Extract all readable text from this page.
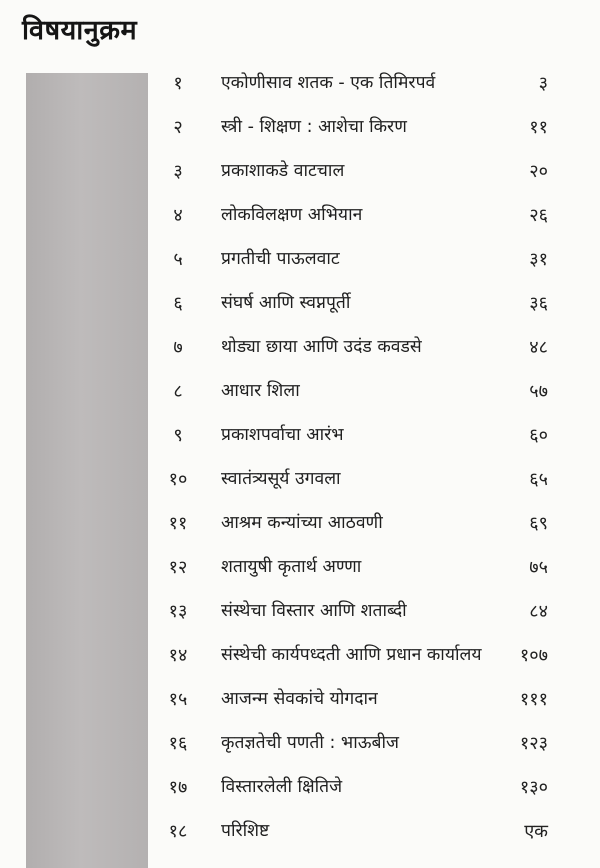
विषयानुक्रम
१	एकोणीसाव शतक - एक तिमिरपर्व	३
२	स्त्री - शिक्षण : आशेचा किरण	११
३	प्रकाशाकडे वाटचाल	२०
४	लोकविलक्षण अभियान	२६
५	प्रगतीची पाऊलवाट	३१
६	संघर्ष आणि स्वप्नपूर्ती	३६
७	थोड्या छाया आणि उदंड कवडसे	४८
८	आधार शिला	५७
९	प्रकाशपर्वाचा आरंभ	६०
१०	स्वातंत्र्यसूर्य उगवला	६५
११	आश्रम कन्यांच्या आठवणी	६९
१२	शतायुषी कृतार्थ अण्णा	७५
१३	संस्थेचा विस्तार आणि शताब्दी	८४
१४	संस्थेची कार्यपध्दती आणि प्रधान कार्यालय १०७
१५	आजन्म सेवकांचे योगदान	१११
१६	कृतज्ञतेची पणती : भाऊबीज	१२३
१७	विस्तारलेली क्षितिजे	१३०
१८	परिशिष्ट	एक
